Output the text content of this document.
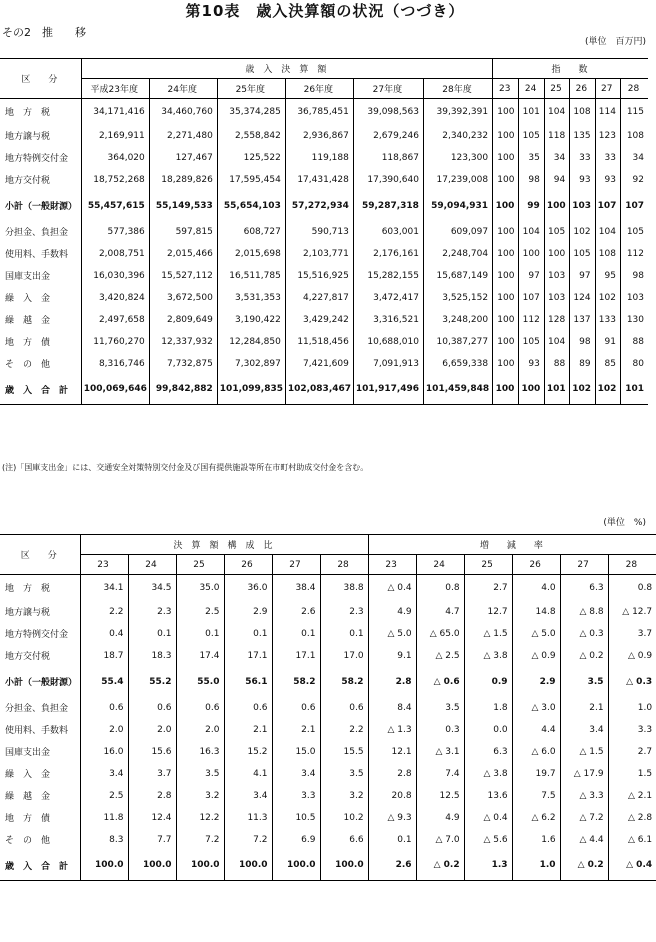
第10表　歳入決算額の状況（つづき）
その2　推　　移
(単位　百万円)
区　　分	歳　入　決　算　額						指　　数					
	平成23年度	24年度	25年度	26年度	27年度	28年度	23	24	25	26	27	28
地　方　税	34,171,416	34,460,760	35,374,285	36,785,451	39,098,563	39,392,391	100	101	104	108	114	115
地方譲与税	2,169,911	2,271,480	2,558,842	2,936,867	2,679,246	2,340,232	100	105	118	135	123	108
地方特例交付金	364,020	127,467	125,522	119,188	118,867	123,300	100	35	34	33	33	34
地方交付税	18,752,268	18,289,826	17,595,454	17,431,428	17,390,640	17,239,008	100	98	94	93	93	92
小計（一般財源）	55,457,615	55,149,533	55,654,103	57,272,934	59,287,318	59,094,931	100	99	100	103	107	107
分担金、負担金	577,386	597,815	608,727	590,713	603,001	609,097	100	104	105	102	104	105
使用料、手数料	2,008,751	2,015,466	2,015,698	2,103,771	2,176,161	2,248,704	100	100	100	105	108	112
国庫支出金	16,030,396	15,527,112	16,511,785	15,516,925	15,282,155	15,687,149	100	97	103	97	95	98
繰　入　金	3,420,824	3,672,500	3,531,353	4,227,817	3,472,417	3,525,152	100	107	103	124	102	103
繰　越　金	2,497,658	2,809,649	3,190,422	3,429,242	3,316,521	3,248,200	100	112	128	137	133	130
地　方　債	11,760,270	12,337,932	12,284,850	11,518,456	10,688,010	10,387,277	100	105	104	98	91	88
そ　の　他	8,316,746	7,732,875	7,302,897	7,421,609	7,091,913	6,659,338	100	93	88	89	85	80
歳　入　合　計	100,069,646	99,842,882	101,099,835	102,083,467	101,917,496	101,459,848	100	100	101	102	102	101
(注)「国庫支出金」には、交通安全対策特別交付金及び国有提供施設等所在市町村助成交付金を含む。
(単位　%)
区　　分	決　算　額　構　成　比						増　　減　　率					
	23	24	25	26	27	28	23	24	25	26	27	28
地　方　税	34.1	34.5	35.0	36.0	38.4	38.8	△ 0.4	0.8	2.7	4.0	6.3	0.8
地方譲与税	2.2	2.3	2.5	2.9	2.6	2.3	4.9	4.7	12.7	14.8	△ 8.8	△ 12.7
地方特例交付金	0.4	0.1	0.1	0.1	0.1	0.1	△ 5.0	△ 65.0	△ 1.5	△ 5.0	△ 0.3	3.7
地方交付税	18.7	18.3	17.4	17.1	17.1	17.0	9.1	△ 2.5	△ 3.8	△ 0.9	△ 0.2	△ 0.9
小計（一般財源）	55.4	55.2	55.0	56.1	58.2	58.2	2.8	△ 0.6	0.9	2.9	3.5	△ 0.3
分担金、負担金	0.6	0.6	0.6	0.6	0.6	0.6	8.4	3.5	1.8	△ 3.0	2.1	1.0
使用料、手数料	2.0	2.0	2.0	2.1	2.1	2.2	△ 1.3	0.3	0.0	4.4	3.4	3.3
国庫支出金	16.0	15.6	16.3	15.2	15.0	15.5	12.1	△ 3.1	6.3	△ 6.0	△ 1.5	2.7
繰　入　金	3.4	3.7	3.5	4.1	3.4	3.5	2.8	7.4	△ 3.8	19.7	△ 17.9	1.5
繰　越　金	2.5	2.8	3.2	3.4	3.3	3.2	20.8	12.5	13.6	7.5	△ 3.3	△ 2.1
地　方　債	11.8	12.4	12.2	11.3	10.5	10.2	△ 9.3	4.9	△ 0.4	△ 6.2	△ 7.2	△ 2.8
そ　の　他	8.3	7.7	7.2	7.2	6.9	6.6	0.1	△ 7.0	△ 5.6	1.6	△ 4.4	△ 6.1
歳　入　合　計	100.0	100.0	100.0	100.0	100.0	100.0	2.6	△ 0.2	1.3	1.0	△ 0.2	△ 0.4
